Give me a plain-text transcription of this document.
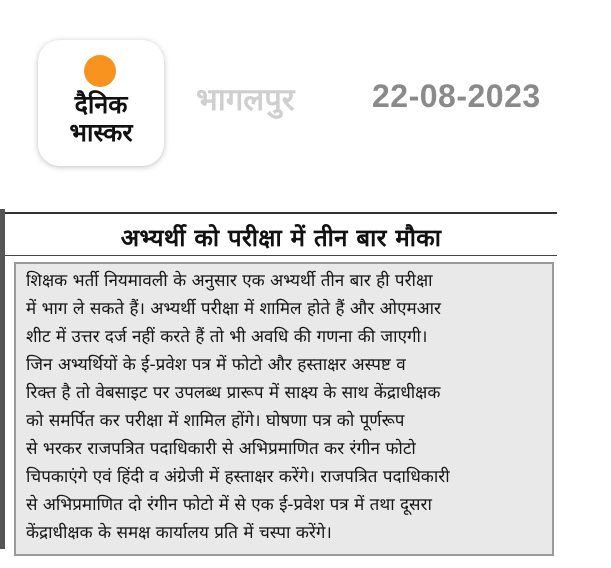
दैनिक
भास्कर
भागलपुर 22-08-2023
अभ्यर्थी को परीक्षा में तीन बार मौका
शिक्षक भर्ती नियमावली के अनुसार एक अभ्यर्थी तीन बार ही परीक्षा
में भाग ले सकते हैं। अभ्यर्थी परीक्षा में शामिल होते हैं और ओएमआर
शीट में उत्तर दर्ज नहीं करते हैं तो भी अवधि की गणना की जाएगी।
जिन अभ्यर्थियों के ई-प्रवेश पत्र में फोटो और हस्ताक्षर अस्पष्ट व
रिक्त है तो वेबसाइट पर उपलब्ध प्रारूप में साक्ष्य के साथ केंद्राधीक्षक
को समर्पित कर परीक्षा में शामिल होंगे। घोषणा पत्र को पूर्णरूप
से भरकर राजपत्रित पदाधिकारी से अभिप्रमाणित कर रंगीन फोटो
चिपकाएंगे एवं हिंदी व अंग्रेजी में हस्ताक्षर करेंगे। राजपत्रित पदाधिकारी
से अभिप्रमाणित दो रंगीन फोटो में से एक ई-प्रवेश पत्र में तथा दूसरा
केंद्राधीक्षक के समक्ष कार्यालय प्रति में चस्पा करेंगे।
